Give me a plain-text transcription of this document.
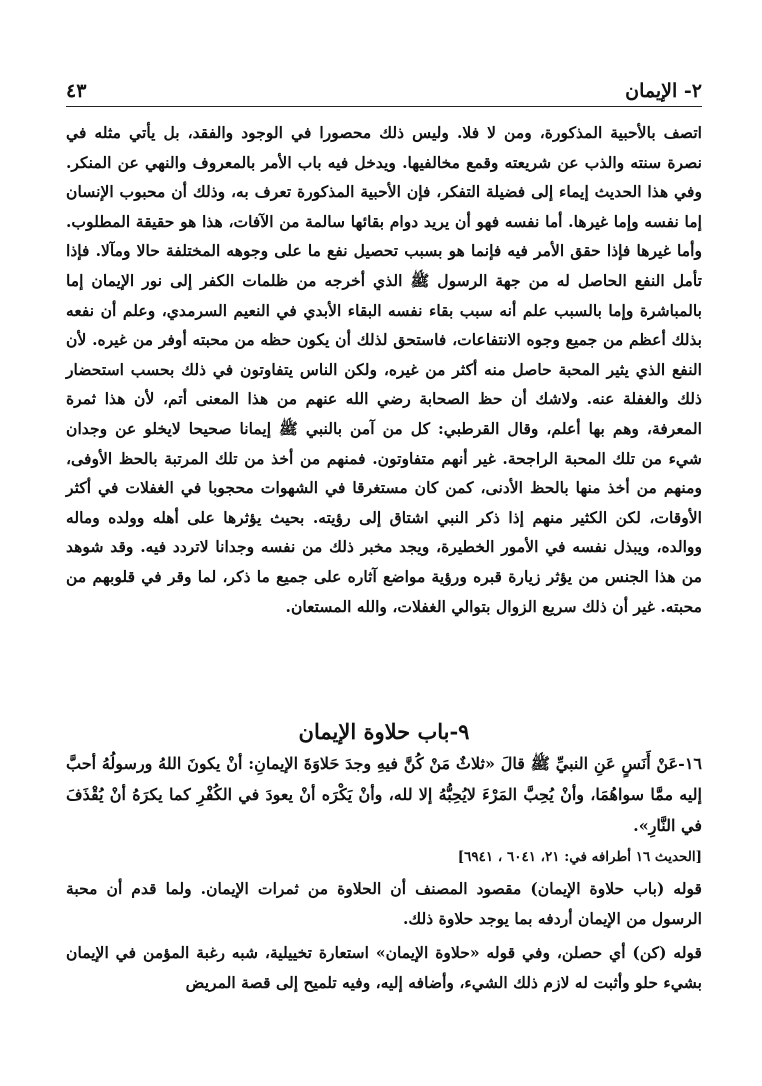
٢- الإيمان
٤٣

اتصف بالأحبية المذكورة، ومن لا فلا. وليس ذلك محصورا في الوجود والفقد، بل يأتي مثله في نصرة سنته والذب عن شريعته وقمع مخالفيها. ويدخل فيه باب الأمر بالمعروف والنهي عن المنكر. وفي هذا الحديث إيماء إلى فضيلة التفكر، فإن الأحبية المذكورة تعرف به، وذلك أن محبوب الإنسان إما نفسه وإما غيرها. أما نفسه فهو أن يريد دوام بقائها سالمة من الآفات، هذا هو حقيقة المطلوب. وأما غيرها فإذا حقق الأمر فيه فإنما هو بسبب تحصيل نفع ما على وجوهه المختلفة حالا ومآلا. فإذا تأمل النفع الحاصل له من جهة الرسول ﷺ الذي أخرجه من ظلمات الكفر إلى نور الإيمان إما بالمباشرة وإما بالسبب علم أنه سبب بقاء نفسه البقاء الأبدي في النعيم السرمدي، وعلم أن نفعه بذلك أعظم من جميع وجوه الانتفاعات، فاستحق لذلك أن يكون حظه من محبته أوفر من غيره. لأن النفع الذي يثير المحبة حاصل منه أكثر من غيره، ولكن الناس يتفاوتون في ذلك بحسب استحضار ذلك والغفلة عنه. ولاشك أن حظ الصحابة رضي الله عنهم من هذا المعنى أتم، لأن هذا ثمرة المعرفة، وهم بها أعلم، وقال القرطبي: كل من آمن بالنبي ﷺ إيمانا صحيحا لايخلو عن وجدان شيء من تلك المحبة الراجحة. غير أنهم متفاوتون. فمنهم من أخذ من تلك المرتبة بالحظ الأوفى، ومنهم من أخذ منها بالحظ الأدنى، كمن كان مستغرقا في الشهوات محجوبا في الغفلات في أكثر الأوقات، لكن الكثير منهم إذا ذكر النبي اشتاق إلى رؤيته. بحيث يؤثرها على أهله وولده وماله ووالده، ويبذل نفسه في الأمور الخطيرة، ويجد مخبر ذلك من نفسه وجدانا لاتردد فيه. وقد شوهد من هذا الجنس من يؤثر زيارة قبره ورؤية مواضع آثاره على جميع ما ذكر، لما وقر في قلوبهم من محبته. غير أن ذلك سريع الزوال بتوالي الغفلات، والله المستعان.

٩-باب حلاوة الإيمان
١٦-عَنْ أَنَسٍ عَنِ النبيِّ ﷺ قالَ «ثلاثٌ مَنْ كُنَّ فيهِ وجدَ حَلاوَةَ الإيمانِ: أنْ يكونَ اللهُ ورسولُهُ أحبَّ إليه ممَّا سواهُمَا، وأنْ يُحِبَّ المَرْءَ لايُحِبُّهُ إلا لله، وأنْ يَكْرَه أنْ يعودَ في الكُفْرِ كما يكرَهُ أنْ يُقْذَفَ في النَّارِ».
[الحديث ١٦ أطرافه في: ٢١، ٦٠٤١ ، ٦٩٤١]
قوله (باب حلاوة الإيمان) مقصود المصنف أن الحلاوة من ثمرات الإيمان. ولما قدم أن محبة الرسول من الإيمان أردفه بما يوجد حلاوة ذلك.
قوله (كن) أي حصلن، وفي قوله «حلاوة الإيمان» استعارة تخييلية، شبه رغبة المؤمن في الإيمان بشيء حلو وأثبت له لازم ذلك الشيء، وأضافه إليه، وفيه تلميح إلى قصة المريض
